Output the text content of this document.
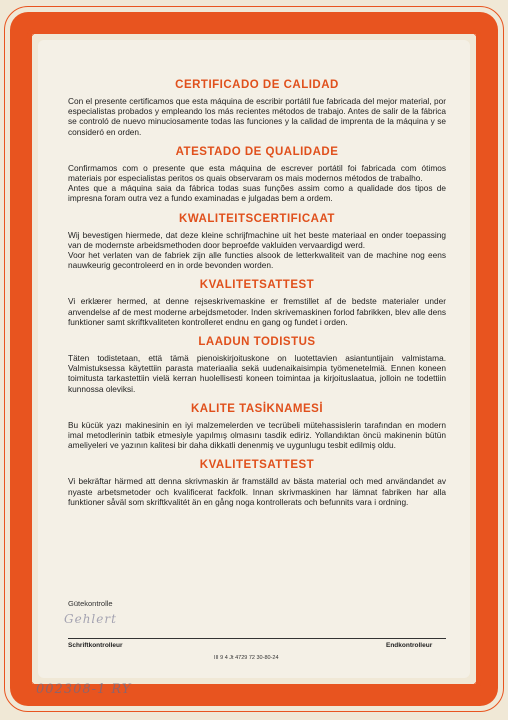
CERTIFICADO DE CALIDAD

Con el presente certificamos que esta máquina de escribir portátil fue fabricada del mejor material, por especialistas probados y empleando los más recientes métodos de trabajo. Antes de salir de la fábrica se controló de nuevo minuciosamente todas las funciones y la calidad de imprenta de la máquina y se consideró en orden.

ATESTADO DE QUALIDADE

Confirmamos com o presente que esta máquina de escrever portátil foi fabricada com ótimos materiais por especialistas peritos os quais observaram os mais modernos métodos de trabalho.
Antes que a máquina saia da fábrica todas suas funções assim como a qualidade dos tipos de impresna foram outra vez a fundo examinadas e julgadas bem a ordem.

KWALITEITSCERTIFICAAT

Wij bevestigen hiermede, dat deze kleine schrijfmachine uit het beste materiaal en onder toepassing van de modernste arbeidsmethoden door beproefde vakluiden vervaardigd werd.
Voor het verlaten van de fabriek zijn alle functies alsook de letterkwaliteit van de machine nog eens nauwkeurig gecontroleerd en in orde bevonden worden.

KVALITETSATTEST

Vi erklærer hermed, at denne rejseskrivemaskine er fremstillet af de bedste materialer under anvendelse af de mest moderne arbejdsmetoder. Inden skrivemaskinen forlod fabrikken, blev alle dens funktioner samt skriftkvaliteten kontrolleret endnu en gang og fundet i orden.

LAADUN TODISTUS

Täten todistetaan, että tämä pienoiskirjoituskone on luotettavien asiantuntijain valmistama. Valmistuksessa käytettiin parasta materiaalia sekä uudenaikaisimpia työmenetelmiä. Ennen koneen toimitusta tarkastettiin vielä kerran huolellisesti koneen toimintaa ja kirjoituslaatua, jolloin ne todettiin kunnossa oleviksi.

KALITE TASİKNAMESİ

Bu kücük yazı makinesinin en iyi malzemelerden ve tecrübeli mütehassislerin tarafından en modern imal metodlerinin tatbik etmesiyle yapılmış olmasını tasdik ediriz. Yollandıktan öncü makinenin bütün ameliyeleri ve yazının kalitesi bir daha dikkatli denenmiş ve uygunlugu tesbit edilmiş oldu.

KVALITETSATTEST

Vi bekräftar härmed att denna skrivmaskin är framställd av bästa material och med användandet av nyaste arbetsmetoder och kvalificerat fackfolk. Innan skrivmaskinen har lämnat fabriken har alla funktioner såväl som skriftkvalitét än en gång noga kontrollerats och befunnits vara i ordning.

Gütekontrolle
Gehlert
Schriftkontrolleur	Endkontrolleur
III 9 4 Jt 4729 72 30-80-24
002308-1 RY
